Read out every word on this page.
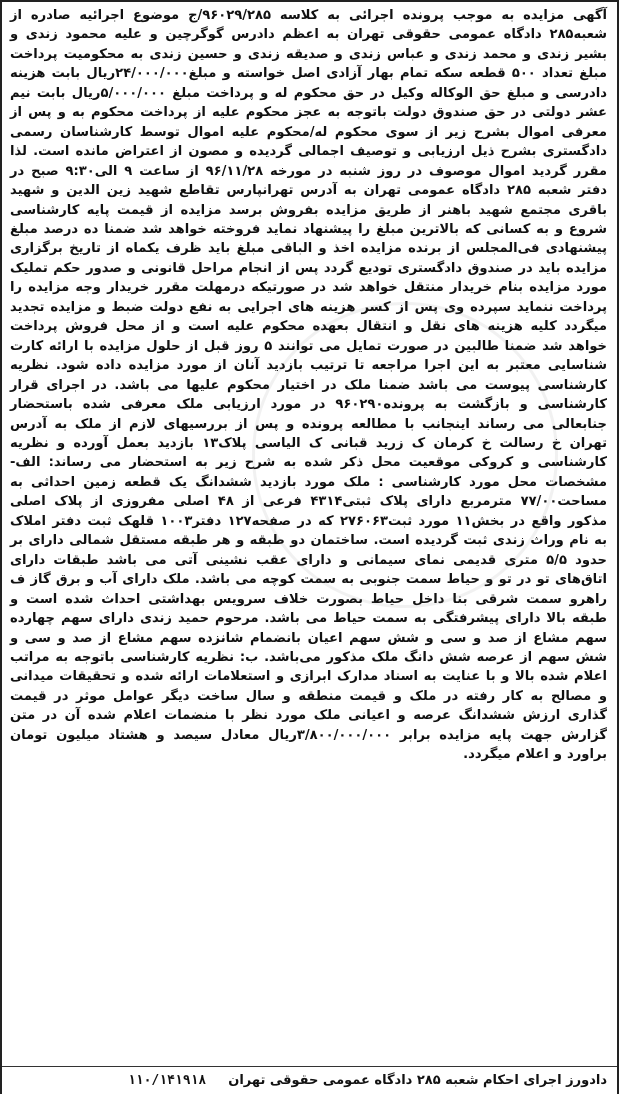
آگهی مزایده به موجب پرونده اجرائی به کلاسه ۹۶۰۲۹/۲۸۵/ج موضوع اجرائیه صادره از شعبه۲۸۵ دادگاه عمومی حقوقی تهران به اعظم دادرس گوگرچین و علیه محمود زندی و بشیر زندی و محمد زندی و عباس زندی و صدیقه زندی و حسین زندی به محکومیت پرداخت مبلغ تعداد ۵۰۰ قطعه سکه تمام بهار آزادی اصل خواسته و مبلغ۲۴/۰۰۰/۰۰۰ریال بابت هزینه دادرسی و مبلغ حق الوکاله وکیل در حق محکوم له و پرداخت مبلغ ۵/۰۰۰/۰۰۰ریال بابت نیم عشر دولتی در حق صندوق دولت باتوجه به عجز محکوم علیه از پرداخت محکوم به و پس از معرفی اموال بشرح زیر از سوی محکوم له/محکوم علیه اموال توسط کارشناسان رسمی دادگستری بشرح ذیل ارزیابی و توصیف اجمالی گردیده و مصون از اعتراض مانده است. لذا مقرر گردید اموال موصوف در روز شنبه در مورخه ۹۶/۱۱/۲۸ از ساعت ۹ الی۹:۳۰ صبح در دفتر شعبه ۲۸۵ دادگاه عمومی تهران به آدرس تهرانپارس تقاطع شهید زین الدین و شهید باقری مجتمع شهید باهنر از طریق مزایده بفروش برسد مزایده از قیمت پایه کارشناسی شروع و به کسانی که بالاترین مبلغ را پیشنهاد نماید فروخته خواهد شد ضمنا ده درصد مبلغ پیشنهادی فی‌المجلس از برنده مزایده اخذ و الباقی مبلغ باید ظرف یکماه از تاریخ برگزاری مزایده باید در صندوق دادگستری تودیع گردد پس از انجام مراحل قانونی و صدور حکم تملیک مورد مزایده بنام خریدار منتقل خواهد شد در صورتیکه درمهلت مقرر خریدار وجه مزایده را پرداخت ننماید سپرده وی پس از کسر هزینه های اجرایی به نفع دولت ضبط و مزایده تجدید میگردد کلیه هزینه های نقل و انتقال بعهده محکوم علیه است و از محل فروش پرداخت خواهد شد ضمنا طالبین در صورت تمایل می توانند ۵ روز قبل از حلول مزایده با ارائه کارت شناسایی معتبر به این اجرا مراجعه تا ترتیب بازدید آنان از مورد مزایده داده شود. نظریه کارشناسی پیوست می باشد ضمنا ملک در اختیار محکوم علیها می باشد. در اجرای قرار کارشناسی و بازگشت به پرونده۹۶۰۲۹۰ در مورد ارزیابی ملک معرفی شده باستحضار جنابعالی می رساند اینجانب با مطالعه پرونده و پس از بررسیهای لازم از ملک به آدرس تهران خ رسالت خ کرمان ک زرید قبانی ک الیاسی پلاک۱۳ بازدید بعمل آورده و نظریه کارشناسی و کروکی موقعیت محل ذکر شده به شرح زیر به استحضار می رساند: الف- مشخصات محل مورد کارشناسی : ملک مورد بازدید ششدانگ یک قطعه زمین احداثی به مساحت۷۷/۰۰ مترمربع دارای پلاک ثبتی۴۳۱۴ فرعی از ۴۸ اصلی مفروزی از پلاک اصلی مذکور واقع در بخش۱۱ مورد ثبت۲۷۶۰۶۳ که در صفحه۱۲۷ دفتر۱۰۰۳ قلهک ثبت دفتر املاک به نام وراث زندی ثبت گردیده است. ساختمان دو طبقه و هر طبقه مستقل شمالی دارای بر حدود ۵/۵ متری قدیمی نمای سیمانی و دارای عقب نشینی آتی می باشد طبقات دارای اتاق‌های تو در تو و حیاط سمت جنوبی به سمت کوچه می باشد. ملک دارای آب و برق گاز ف راهرو سمت شرقی بنا داخل حیاط بصورت خلاف سرویس بهداشتی احداث شده است و طبقه بالا دارای پیشرفتگی به سمت حیاط می باشد. مرحوم حمید زندی دارای سهم چهارده سهم مشاع از صد و سی و شش سهم اعیان بانضمام شانزده سهم مشاع از صد و سی و شش سهم از عرصه شش دانگ ملک مذکور می‌باشد. ب: نظریه کارشناسی باتوجه به مراتب اعلام شده بالا و با عنایت به اسناد مدارک ابرازی و استعلامات ارائه شده و تحقیقات میدانی و مصالح به کار رفته در ملک و قیمت منطقه و سال ساخت دیگر عوامل موثر در قیمت گذاری ارزش ششدانگ عرصه و اعیانی ملک مورد نظر با منضمات اعلام شده آن در متن گزارش جهت پایه مزایده برابر ۳/۸۰۰/۰۰۰/۰۰۰ریال معادل سیصد و هشتاد میلیون تومان براورد و اعلام میگردد.

دادورز اجرای احکام شعبه ۲۸۵ دادگاه عمومی حقوقی تهران
۱۱۰/۱۴۱۹۱۸
